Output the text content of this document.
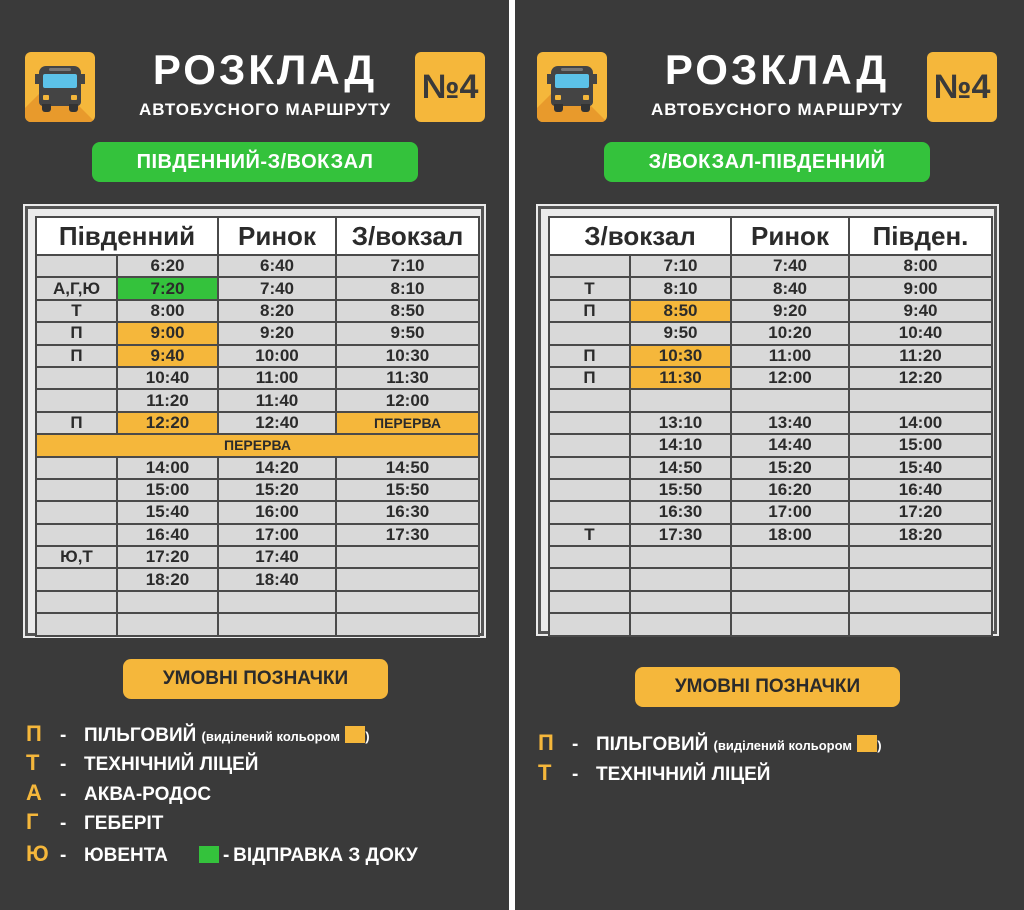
РОЗКЛАД
АВТОБУСНОГО МАРШРУТУ
№4
ПІВДЕННИЙ-З/ВОКЗАЛ
Південний		Ринок	З/вокзал
	6:20	6:40	7:10
А,Г,Ю	7:20	7:40	8:10
Т	8:00	8:20	8:50
П	9:00	9:20	9:50
П	9:40	10:00	10:30
	10:40	11:00	11:30
	11:20	11:40	12:00
П	12:20	12:40	ПЕРЕРВА
ПЕРЕРВА			
	14:00	14:20	14:50
	15:00	15:20	15:50
	15:40	16:00	16:30
	16:40	17:00	17:30
Ю,Т	17:20	17:40	
	18:20	18:40	

УМОВНІ ПОЗНАЧКИ
П - ПІЛЬГОВИЙ (виділений кольором )
Т - ТЕХНІЧНИЙ ЛІЦЕЙ
А - АКВА-РОДОС
Г - ГЕБЕРІТ
Ю - ЮВЕНТА	- ВІДПРАВКА З ДОКУ
РОЗКЛАД
АВТОБУСНОГО МАРШРУТУ
№4
З/ВОКЗАЛ-ПІВДЕННИЙ
З/вокзал		Ринок	Півден.
	7:10	7:40	8:00
Т	8:10	8:40	9:00
П	8:50	9:20	9:40
	9:50	10:20	10:40
П	10:30	11:00	11:20
П	11:30	12:00	12:20

	13:10	13:40	14:00
	14:10	14:40	15:00
	14:50	15:20	15:40
	15:50	16:20	16:40
	16:30	17:00	17:20
Т	17:30	18:00	18:20

УМОВНІ ПОЗНАЧКИ
П - ПІЛЬГОВИЙ (виділений кольором )
Т - ТЕХНІЧНИЙ ЛІЦЕЙ
